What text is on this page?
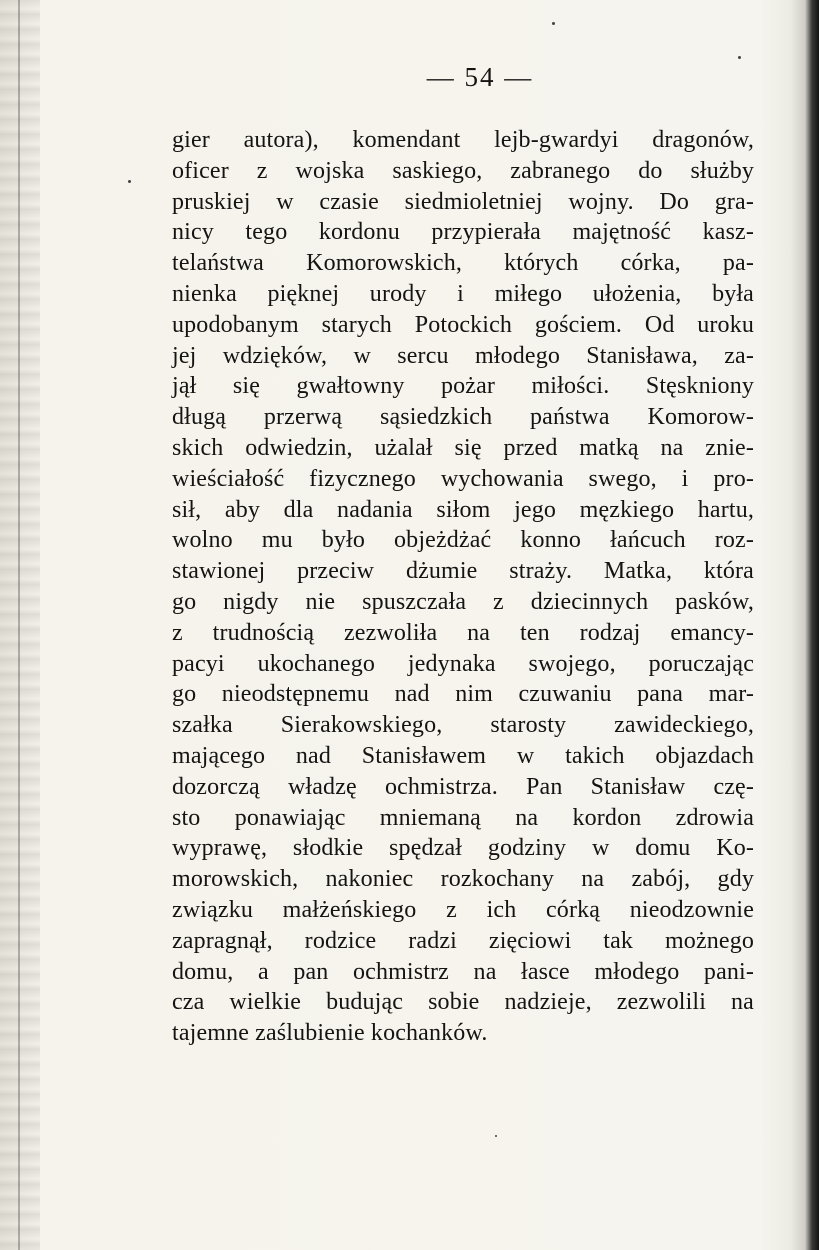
— 54 —
gier autora), komendant lejb-gwardyi dragonów,
oficer z wojska saskiego, zabranego do służby
pruskiej w czasie siedmioletniej wojny. Do gra-
nicy tego kordonu przypierała majętność kasz-
telaństwa Komorowskich, których córka, pa-
nienka pięknej urody i miłego ułożenia, była
upodobanym starych Potockich gościem. Od uroku
jej wdzięków, w sercu młodego Stanisława, za-
jął się gwałtowny pożar miłości. Stęskniony
długą przerwą sąsiedzkich państwa Komorow-
skich odwiedzin, użalał się przed matką na znie-
wieściałość fizycznego wychowania swego, i pro-
sił, aby dla nadania siłom jego męzkiego hartu,
wolno mu było objeżdżać konno łańcuch roz-
stawionej przeciw dżumie straży. Matka, która
go nigdy nie spuszczała z dziecinnych pasków,
z trudnością zezwoliła na ten rodzaj emancy-
pacyi ukochanego jedynaka swojego, poruczając
go nieodstępnemu nad nim czuwaniu pana mar-
szałka Sierakowskiego, starosty zawideckiego,
mającego nad Stanisławem w takich objazdach
dozorczą władzę ochmistrza. Pan Stanisław czę-
sto ponawiając mniemaną na kordon zdrowia
wyprawę, słodkie spędzał godziny w domu Ko-
morowskich, nakoniec rozkochany na zabój, gdy
związku małżeńskiego z ich córką nieodzownie
zapragnął, rodzice radzi zięciowi tak możnego
domu, a pan ochmistrz na łasce młodego pani-
cza wielkie budując sobie nadzieje, zezwolili na
tajemne zaślubienie kochanków.
